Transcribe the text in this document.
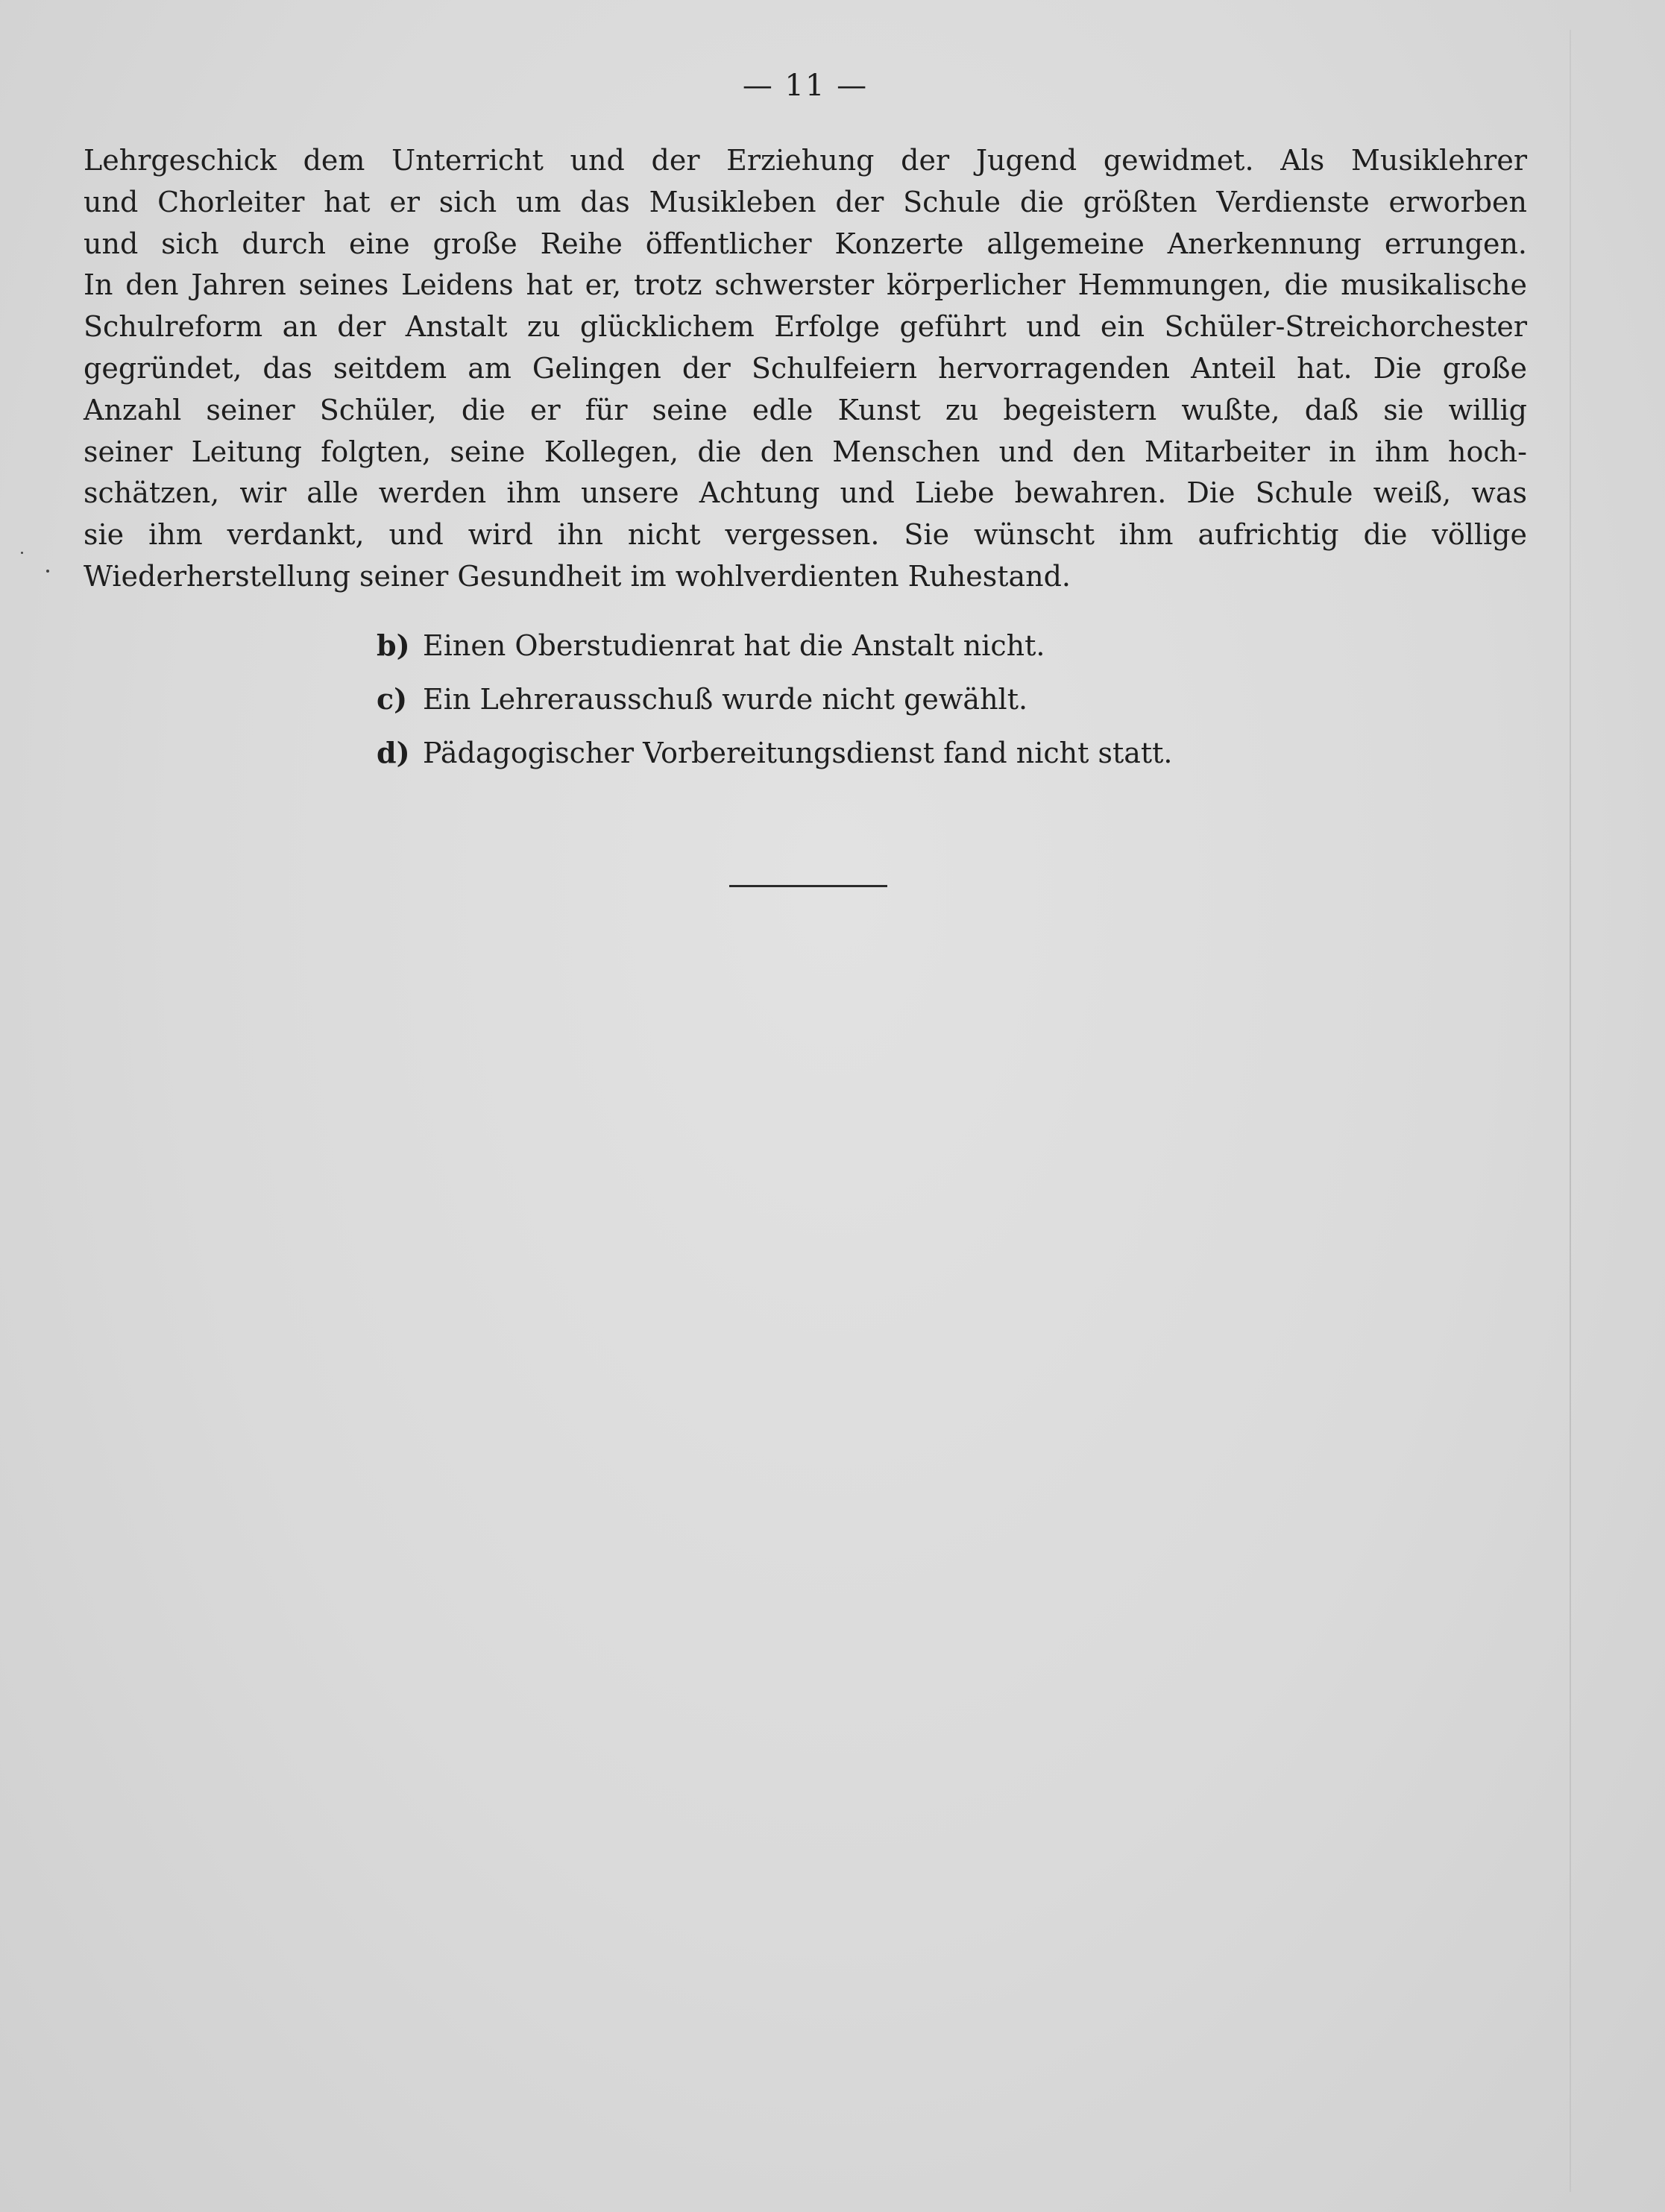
— 11 —
Lehrgeschick dem Unterricht und der Erziehung der Jugend gewidmet. Als Musiklehrer
und Chorleiter hat er sich um das Musikleben der Schule die größten Verdienste erworben
und sich durch eine große Reihe öffentlicher Konzerte allgemeine Anerkennung errungen.
In den Jahren seines Leidens hat er, trotz schwerster körperlicher Hemmungen, die musikalische
Schulreform an der Anstalt zu glücklichem Erfolge geführt und ein Schüler-Streichorchester
gegründet, das seitdem am Gelingen der Schulfeiern hervorragenden Anteil hat. Die große
Anzahl seiner Schüler, die er für seine edle Kunst zu begeistern wußte, daß sie willig
seiner Leitung folgten, seine Kollegen, die den Menschen und den Mitarbeiter in ihm hoch-
schätzen, wir alle werden ihm unsere Achtung und Liebe bewahren. Die Schule weiß, was
sie ihm verdankt, und wird ihn nicht vergessen. Sie wünscht ihm aufrichtig die völlige
Wiederherstellung seiner Gesundheit im wohlverdienten Ruhestand.
b) Einen Oberstudienrat hat die Anstalt nicht.
c) Ein Lehrerausschuß wurde nicht gewählt.
d) Pädagogischer Vorbereitungsdienst fand nicht statt.
